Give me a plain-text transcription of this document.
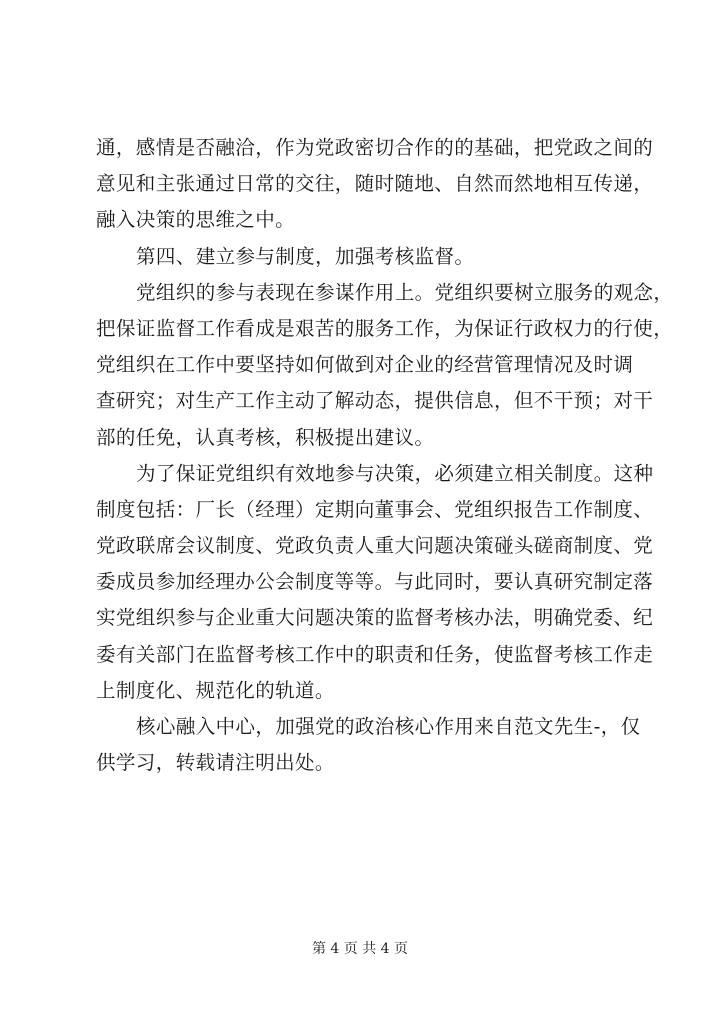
通，感情是否融洽，作为党政密切合作的的基础，把党政之间的
意见和主张通过日常的交往，随时随地、自然而然地相互传递，
融入决策的思维之中。
第四、建立参与制度，加强考核监督。
党组织的参与表现在参谋作用上。党组织要树立服务的观念，
把保证监督工作看成是艰苦的服务工作，为保证行政权力的行使，
党组织在工作中要坚持如何做到对企业的经营管理情况及时调
查研究；对生产工作主动了解动态，提供信息，但不干预；对干
部的任免，认真考核，积极提出建议。
为了保证党组织有效地参与决策，必须建立相关制度。这种
制度包括：厂长（经理）定期向董事会、党组织报告工作制度、
党政联席会议制度、党政负责人重大问题决策碰头磋商制度、党
委成员参加经理办公会制度等等。与此同时，要认真研究制定落
实党组织参与企业重大问题决策的监督考核办法，明确党委、纪
委有关部门在监督考核工作中的职责和任务，使监督考核工作走
上制度化、规范化的轨道。
核心融入中心，加强党的政治核心作用来自范文先生-，仅
供学习，转载请注明出处。
第 4 页 共 4 页
